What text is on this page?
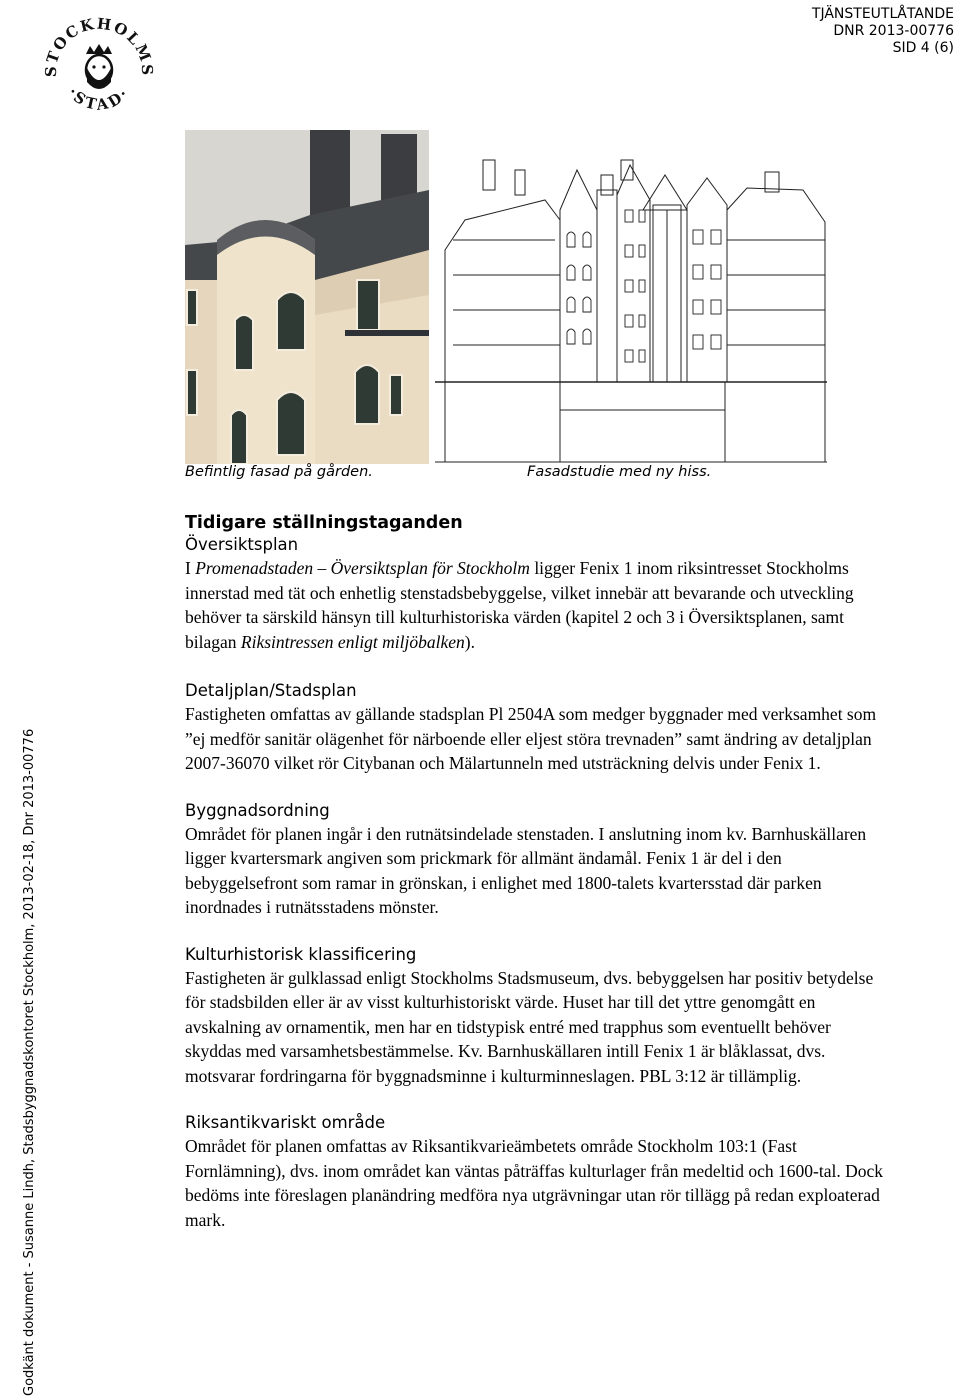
STOCKHOLMS
·STAD·
TJÄNSTEUTLÅTANDE
DNR 2013-00776
SID 4 (6)
Godkänt dokument - Susanne Lindh, Stadsbyggnadskontoret Stockholm, 2013-02-18, Dnr 2013-00776
Befintlig fasad på gården.	Fasadstudie med ny hiss.
Tidigare ställningstaganden
Översiktsplan

I Promenadstaden – Översiktsplan för Stockholm ligger Fenix 1 inom riksintresset Stockholms innerstad med tät och enhetlig stenstadsbebyggelse, vilket innebär att bevarande och utveckling behöver ta särskild hänsyn till kulturhistoriska värden (kapitel 2 och 3 i Översiktsplanen, samt bilagan Riksintressen enligt miljöbalken).

Detaljplan/Stadsplan

Fastigheten omfattas av gällande stadsplan Pl 2504A som medger byggnader med verksamhet som ”ej medför sanitär olägenhet för närboende eller eljest störa trevnaden” samt ändring av detaljplan 2007-36070 vilket rör Citybanan och Mälartunneln med utsträckning delvis under Fenix 1.

Byggnadsordning

Området för planen ingår i den rutnätsindelade stenstaden. I anslutning inom kv. Barnhuskällaren ligger kvartersmark angiven som prickmark för allmänt ändamål. Fenix 1 är del i den bebyggelsefront som ramar in grönskan, i enlighet med 1800-talets kvartersstad där parken inordnades i rutnätsstadens mönster.

Kulturhistorisk klassificering

Fastigheten är gulklassad enligt Stockholms Stadsmuseum, dvs. bebyggelsen har positiv betydelse för stadsbilden eller är av visst kulturhistoriskt värde. Huset har till det yttre genomgått en avskalning av ornamentik, men har en tidstypisk entré med trapphus som eventuellt behöver skyddas med varsamhetsbestämmelse. Kv. Barnhuskällaren intill Fenix 1 är blåklassat, dvs. motsvarar fordringarna för byggnadsminne i kulturminneslagen. PBL 3:12 är tillämplig.

Riksantikvariskt område

Området för planen omfattas av Riksantikvarieämbetets område Stockholm 103:1 (Fast Fornlämning), dvs. inom området kan väntas påträffas kulturlager från medeltid och 1600-tal. Dock bedöms inte föreslagen planändring medföra nya utgrävningar utan rör tillägg på redan exploaterad mark.
